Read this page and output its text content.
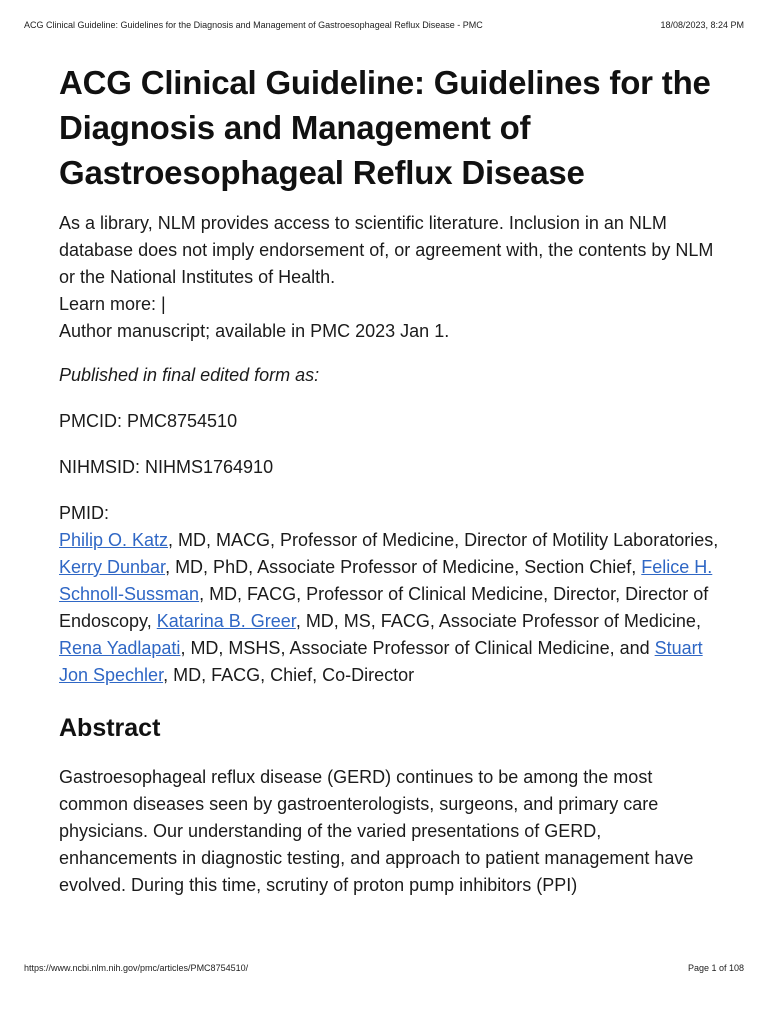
ACG Clinical Guideline: Guidelines for the Diagnosis and Management of Gastroesophageal Reflux Disease - PMC	18/08/2023, 8:24 PM
ACG Clinical Guideline: Guidelines for the Diagnosis and Management of Gastroesophageal Reflux Disease

As a library, NLM provides access to scientific literature. Inclusion in an NLM database does not imply endorsement of, or agreement with, the contents by NLM or the National Institutes of Health.

Learn more: |

Author manuscript; available in PMC 2023 Jan 1.

Published in final edited form as:

PMCID: PMC8754510

NIHMSID: NIHMS1764910

PMID:

Philip O. Katz, MD, MACG, Professor of Medicine, Director of Motility Laboratories, Kerry Dunbar, MD, PhD, Associate Professor of Medicine, Section Chief, Felice H. Schnoll-Sussman, MD, FACG, Professor of Clinical Medicine, Director, Director of Endoscopy, Katarina B. Greer, MD, MS, FACG, Associate Professor of Medicine, Rena Yadlapati, MD, MSHS, Associate Professor of Clinical Medicine, and Stuart Jon Spechler, MD, FACG, Chief, Co-Director

Abstract

Gastroesophageal reflux disease (GERD) continues to be among the most common diseases seen by gastroenterologists, surgeons, and primary care physicians. Our understanding of the varied presentations of GERD, enhancements in diagnostic testing, and approach to patient management have evolved. During this time, scrutiny of proton pump inhibitors (PPI)

https://www.ncbi.nlm.nih.gov/pmc/articles/PMC8754510/	Page 1 of 108
